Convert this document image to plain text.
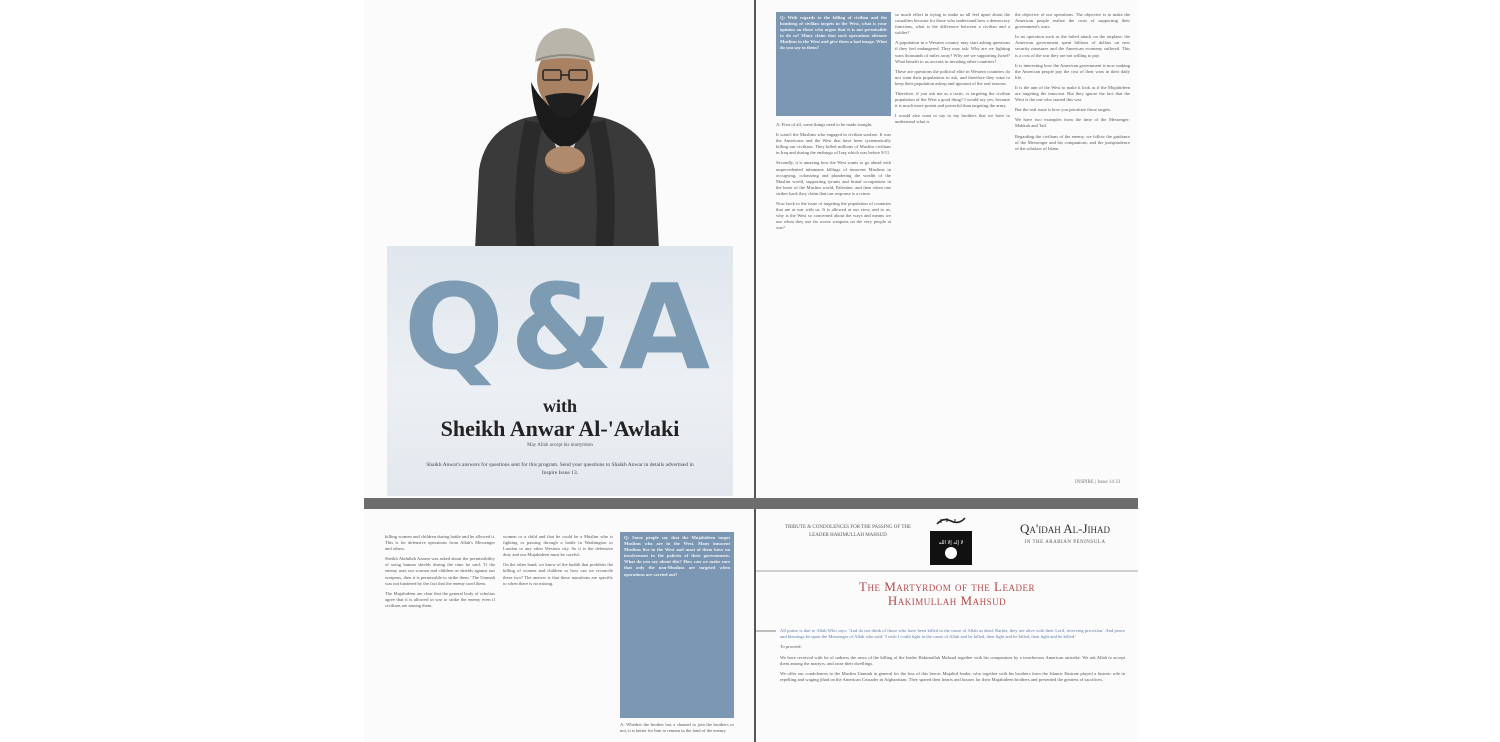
Q&A
with
Sheikh Anwar Al-'Awlaki
May Allah accept his martyrdom
Shaikh Anwar's answers for questions sent for this program. Send your questions to Shaikh Anwar in details advertised in Inspire Issue 13.
Q: With regards to the killing of civilian and the bombing of civilian targets in the West, what is your opinion on those who argue that it is not permissible to do so? Many claim that such operations alienate Muslims in the West and give them a bad image. What do you say to them?

A: First of all, some things need to be made straight.

It wasn't the Muslims who engaged in civilian warfare. It was the Americans and the West that have been systematically killing our civilians. They killed millions of Muslim civilians in Iraq and during the embargo of Iraq which was before 9/11.

Secondly, it is amazing how the West wants to go ahead with unprecedented inhumane killings of innocent Muslims in occupying, colonizing and plundering the wealth of the Muslim world, supporting tyrants and brutal occupations in the heart of the Muslim world, Palestine, and then when one strikes back they claim that our response is a crime.

Now back to the issue of targeting the population of countries that are at war with us. It is allowed at our view, and to us, why is the West so concerned about the ways and means we use when they use far worse weapons on the very people at war?

so much effort in trying to make us all feel upset about the casualties because for those who understand how a democracy functions, what is the difference between a civilian and a soldier?

A population in a Western country may start asking questions if they feel endangered. They may ask: Why are we fighting wars thousands of miles away? Why are we supporting Israel? What benefit to us accrues in invading other countries?

These are questions the political elite in Western countries do not want their populations to ask, and therefore they want to keep their population asleep and ignorant of the real reasons.

Therefore, if you ask me as a tactic, is targeting the civilian population of the West a good thing? I would say yes, because it is much more potent and powerful than targeting the army.

I would also want to say to my brothers that we have to understand what is

the objective of our operations. The objective is to make the American people realize the costs of supporting their government's wars.

In an operation such as the failed attack on the airplane, the American government spent billions of dollars on new security measures and the American economy suffered. This is a cost of the war they are not willing to pay.

It is interesting how the American government is now making the American people pay the cost of their wars in their daily life.

It is the aim of the West to make it look as if the Mujahideen are targeting the innocent. But they ignore the fact that the West is the one who started this war.

But the real issue is how you prioritize those targets.

We have two examples from the time of the Messenger: Makkah and Taif.

Regarding the civilians of the enemy, we follow the guidance of the Messenger and his companions, and the jurisprudence of the scholars of Islam.

INSPIRE | Issue 14 33

killing women and children during battle and he allowed it. This is for defensive operations from Allah's Messenger and others.

Sheikh Abdullah Azzam was asked about the permissibility of using human shields during the time he said: 'If the enemy uses our women and children as shields against our weapons, then it is permissible to strike them.' The Ummah was not hindered by the fact that the enemy used them.

The Mujahideen are clear that the general body of scholars agree that it is allowed in war to strike the enemy even if civilians are among them.

women or a child and that he could be a Muslim who is fighting or passing through a battle in Washington or London or any other Western city. So it is the defensive duty and our Mujahideen must be careful.

On the other hand, we know of the hadith that prohibits the killing of women and children so how can we reconcile these two? The answer is that these narrations are specific to when there is no mixing.

Q: Some people say that the Mujahideen target Muslims who are in the West. Many innocent Muslims live in the West and most of them have no involvement in the policies of their governments. What do you say about this? How can we make sure that only the non-Muslims are targeted when operations are carried out?

A: Whether the brother has a channel to join the brothers or not, it is better for him to remain in the land of the enemy.

TRIBUTE & CONDOLENCES FOR THE PASSING OF THE LEADER HAKIMULLAH MAHSUD
لا إله إلا الله
Qa'idah Al-Jihad
IN THE ARABIAN PENINSULA
The Martyrdom of the Leader
Hakimullah Mahsud

All praise is due to Allah Who says: 'And do not think of those who have been killed in the cause of Allah as dead. Rather, they are alive with their Lord, receiving provision.' And peace and blessings be upon the Messenger of Allah who said: 'I wish I could fight in the cause of Allah and be killed, then fight and be killed, then fight and be killed.'

To proceed:

We have received with lot of sadness the news of the killing of the leader Hakimullah Mahsud together with his companions by a treacherous American airstrike. We ask Allah to accept them among the martyrs, and raise their dwellings.

We offer our condolences to the Muslim Ummah in general for the loss of this heroic Mujahid leader, who together with his brothers from the Islamic Emirate played a historic role in repelling and waging jihad on the American Crusader in Afghanistan. They spared their hearts and houses for their Mujahideen brothers and presented the greatest of sacrifices.
